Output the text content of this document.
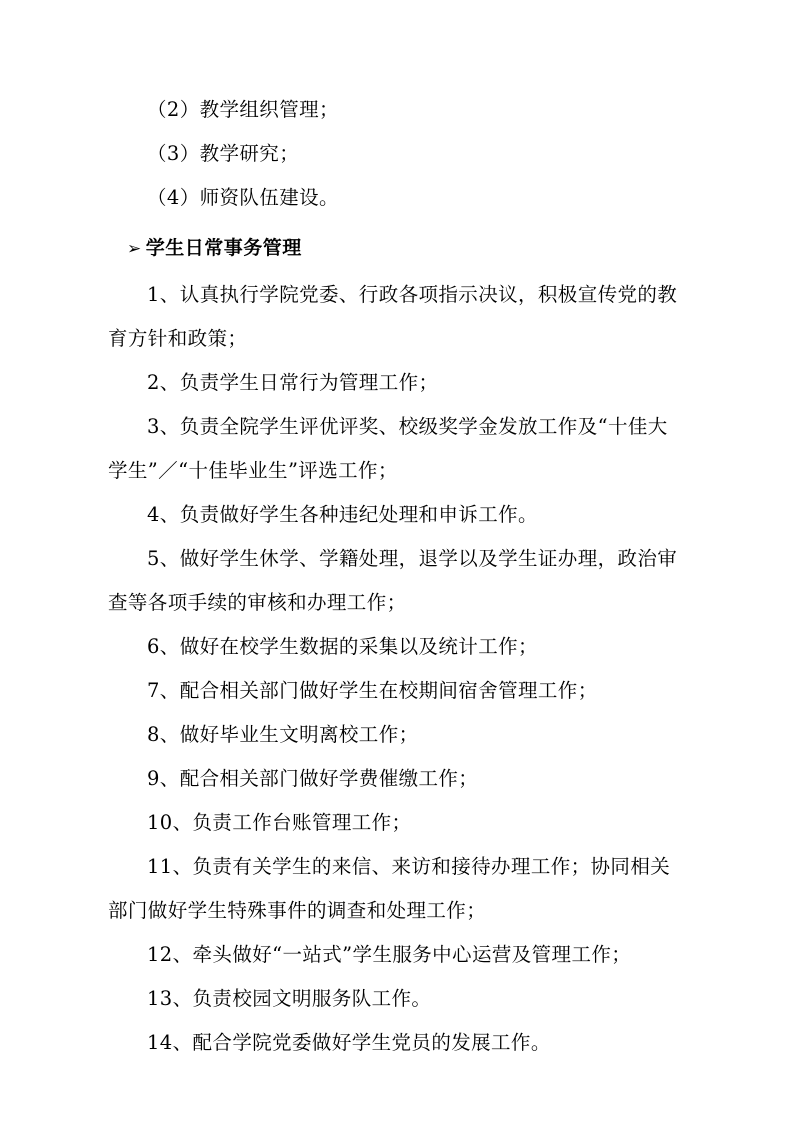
（2）教学组织管理；

（3）教学研究；

（4）师资队伍建设。

➢ 学生日常事务管理

1、认真执行学院党委、行政各项指示决议，积极宣传党的教育方针和政策；

2、负责学生日常行为管理工作；

3、负责全院学生评优评奖、校级奖学金发放工作及“十佳大学生”／“十佳毕业生”评选工作；

4、负责做好学生各种违纪处理和申诉工作。

5、做好学生休学、学籍处理，退学以及学生证办理，政治审查等各项手续的审核和办理工作；

6、做好在校学生数据的采集以及统计工作；

7、配合相关部门做好学生在校期间宿舍管理工作；

8、做好毕业生文明离校工作；

9、配合相关部门做好学费催缴工作；

10、负责工作台账管理工作；

11、负责有关学生的来信、来访和接待办理工作；协同相关部门做好学生特殊事件的调查和处理工作；

12、牵头做好“一站式”学生服务中心运营及管理工作；

13、负责校园文明服务队工作。

14、配合学院党委做好学生党员的发展工作。
